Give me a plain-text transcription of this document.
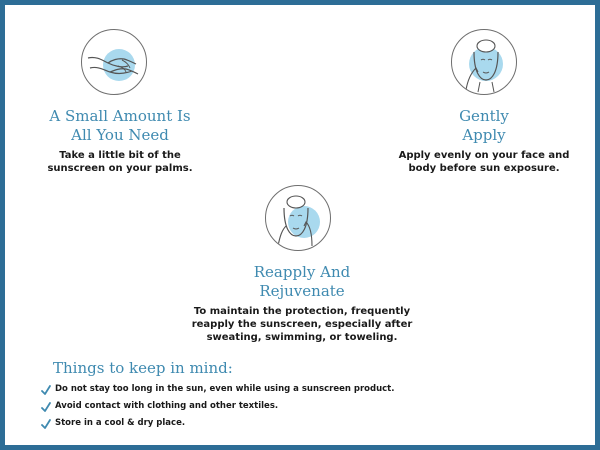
A Small Amount Is
All You Need
Take a little bit of the
sunscreen on your palms.
Gently
Apply
Apply evenly on your face and
body before sun exposure.
Reapply And
Rejuvenate
To maintain the protection, frequently
reapply the sunscreen, especially after
sweating, swimming, or toweling.
Things to keep in mind:
Do not stay too long in the sun, even while using a sunscreen product.
Avoid contact with clothing and other textiles.
Store in a cool & dry place.
